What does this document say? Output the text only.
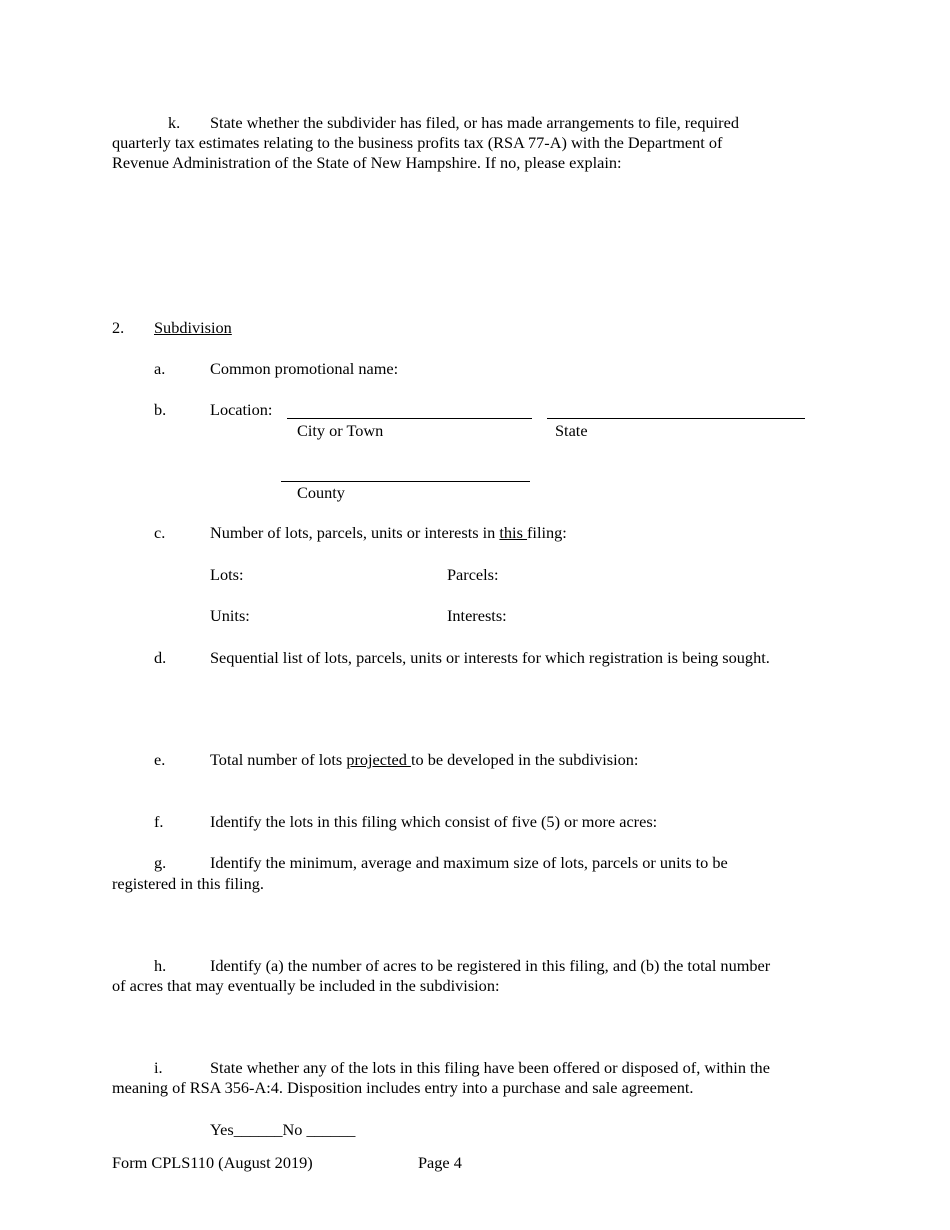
k. State whether the subdivider has filed, or has made arrangements to file, required
quarterly tax estimates relating to the business profits tax (RSA 77-A) with the Department of
Revenue Administration of the State of New Hampshire. If no, please explain:
2. Subdivision
a.	Common promotional name:
b.	Location:
City or Town	State
County
c.	Number of lots, parcels, units or interests in this filing:
Lots:	Parcels:
Units:	Interests:
d.	Sequential list of lots, parcels, units or interests for which registration is being sought.
e.	Total number of lots projected to be developed in the subdivision:
f.	Identify the lots in this filing which consist of five (5) or more acres:
g.	Identify the minimum, average and maximum size of lots, parcels or units to be
registered in this filing.
h.	Identify (a) the number of acres to be registered in this filing, and (b) the total number
of acres that may eventually be included in the subdivision:
i.	State whether any of the lots in this filing have been offered or disposed of, within the
meaning of RSA 356-A:4. Disposition includes entry into a purchase and sale agreement.
Yes______No ______
Form CPLS110 (August 2019)	Page 4
